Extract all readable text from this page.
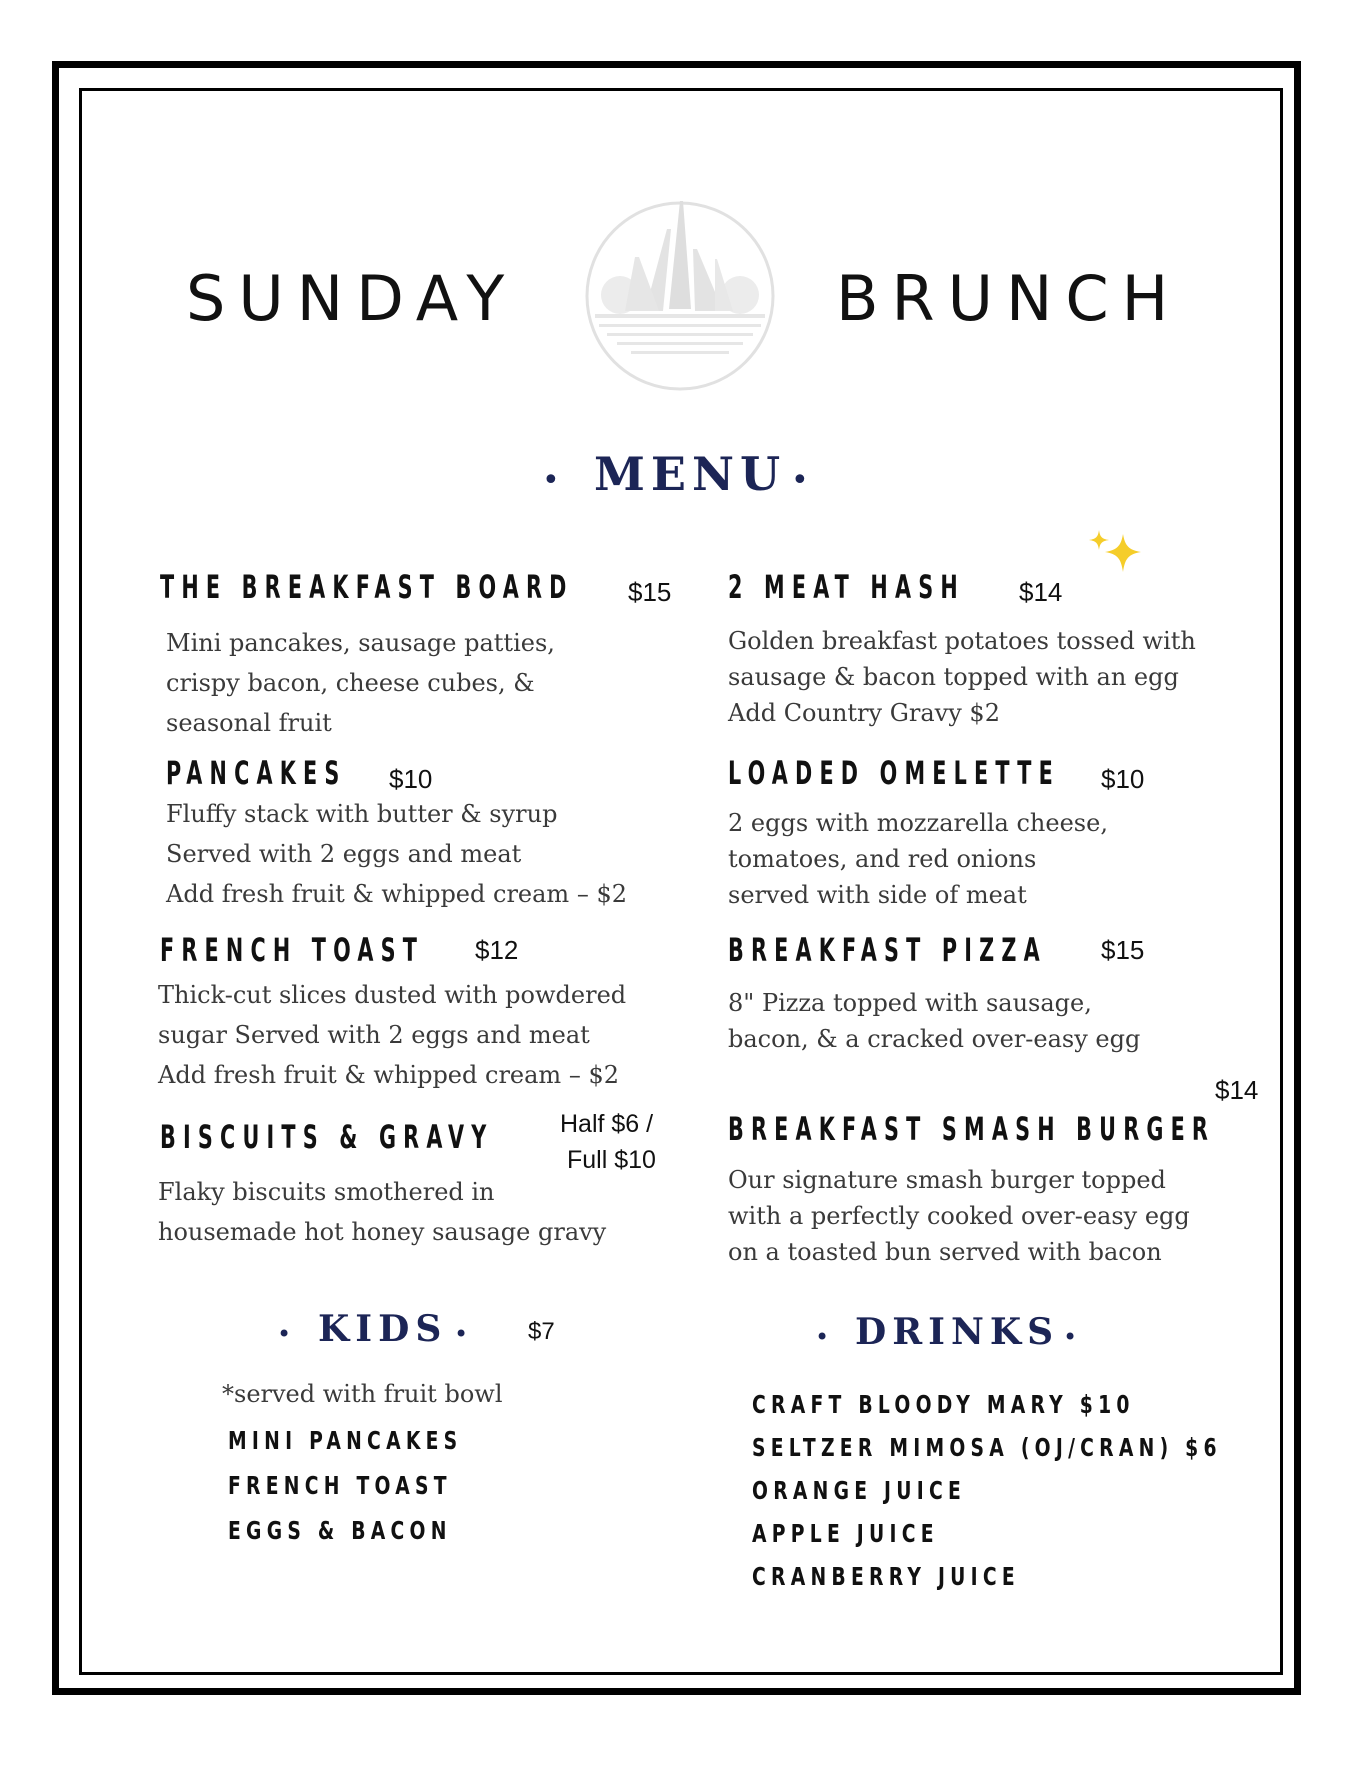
SUNDAY	BRUNCH
• MENU •
THE BREAKFAST BOARD $15
Mini pancakes, sausage patties,
crispy bacon, cheese cubes, &
seasonal fruit
PANCAKES $10
Fluffy stack with butter & syrup
Served with 2 eggs and meat
Add fresh fruit & whipped cream – $2
FRENCH TOAST $12
Thick-cut slices dusted with powdered
sugar Served with 2 eggs and meat
Add fresh fruit & whipped cream – $2
BISCUITS & GRAVY	Half $6 /
Full $10
Flaky biscuits smothered in
housemade hot honey sausage gravy
2 MEAT HASH $14
Golden breakfast potatoes tossed with
sausage & bacon topped with an egg
Add Country Gravy $2
LOADED OMELETTE $10
2 eggs with mozzarella cheese,
tomatoes, and red onions
served with side of meat
BREAKFAST PIZZA $15
8" Pizza topped with sausage,
bacon, & a cracked over-easy egg
$14
BREAKFAST SMASH BURGER
Our signature smash burger topped
with a perfectly cooked over-easy egg
on a toasted bun served with bacon
• KIDS • $7
*served with fruit bowl
MINI PANCAKES
FRENCH TOAST
EGGS & BACON
• DRINKS •
CRAFT BLOODY MARY $10
SELTZER MIMOSA (OJ/CRAN) $6
ORANGE JUICE
APPLE JUICE
CRANBERRY JUICE
